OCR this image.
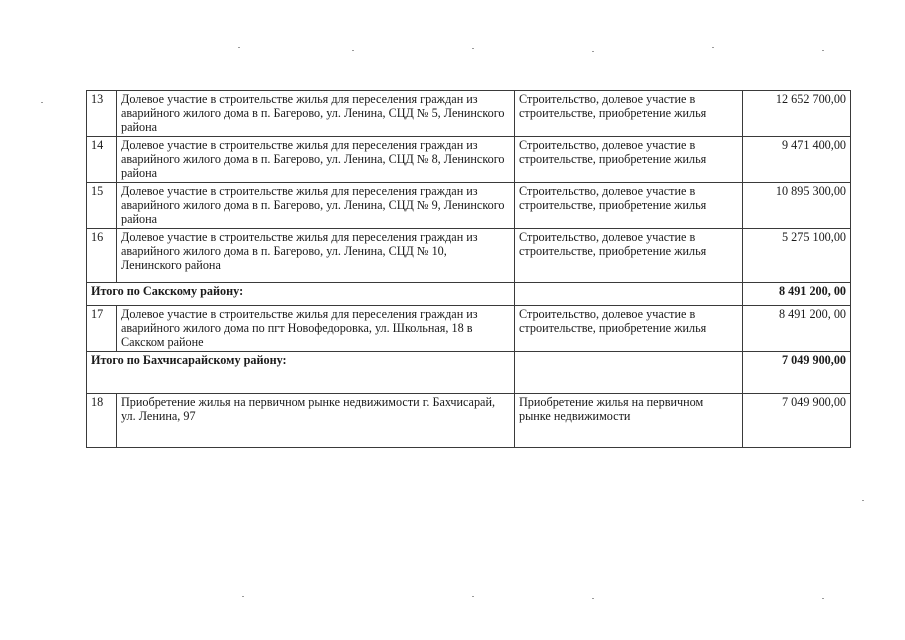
13	Долевое участие в строительстве жилья для переселения граждан из аварийного жилого дома в п. Багерово, ул. Ленина, СЦД № 5, Ленинского района	Строительство, долевое участие в строительстве, приобретение жилья	12 652 700,00
14	Долевое участие в строительстве жилья для переселения граждан из аварийного жилого дома в п. Багерово, ул. Ленина, СЦД № 8, Ленинского района	Строительство, долевое участие в строительстве, приобретение жилья	9 471 400,00
15	Долевое участие в строительстве жилья для переселения граждан из аварийного жилого дома в п. Багерово, ул. Ленина, СЦД № 9, Ленинского района	Строительство, долевое участие в строительстве, приобретение жилья	10 895 300,00
16	Долевое участие в строительстве жилья для переселения граждан из аварийного жилого дома в п. Багерово, ул. Ленина, СЦД № 10, Ленинского района	Строительство, долевое участие в строительстве, приобретение жилья	5 275 100,00
Итого по Сакскому району:			8 491 200, 00
17	Долевое участие в строительстве жилья для переселения граждан из аварийного жилого дома по пгт Новофедоровка, ул. Школьная, 18 в Сакском районе	Строительство, долевое участие в строительстве, приобретение жилья	8 491 200, 00
Итого по Бахчисарайскому району:			7 049 900,00
18	Приобретение жилья на первичном рынке недвижимости г. Бахчисарай, ул. Ленина, 97	Приобретение жилья на первичном рынке недвижимости	7 049 900,00
